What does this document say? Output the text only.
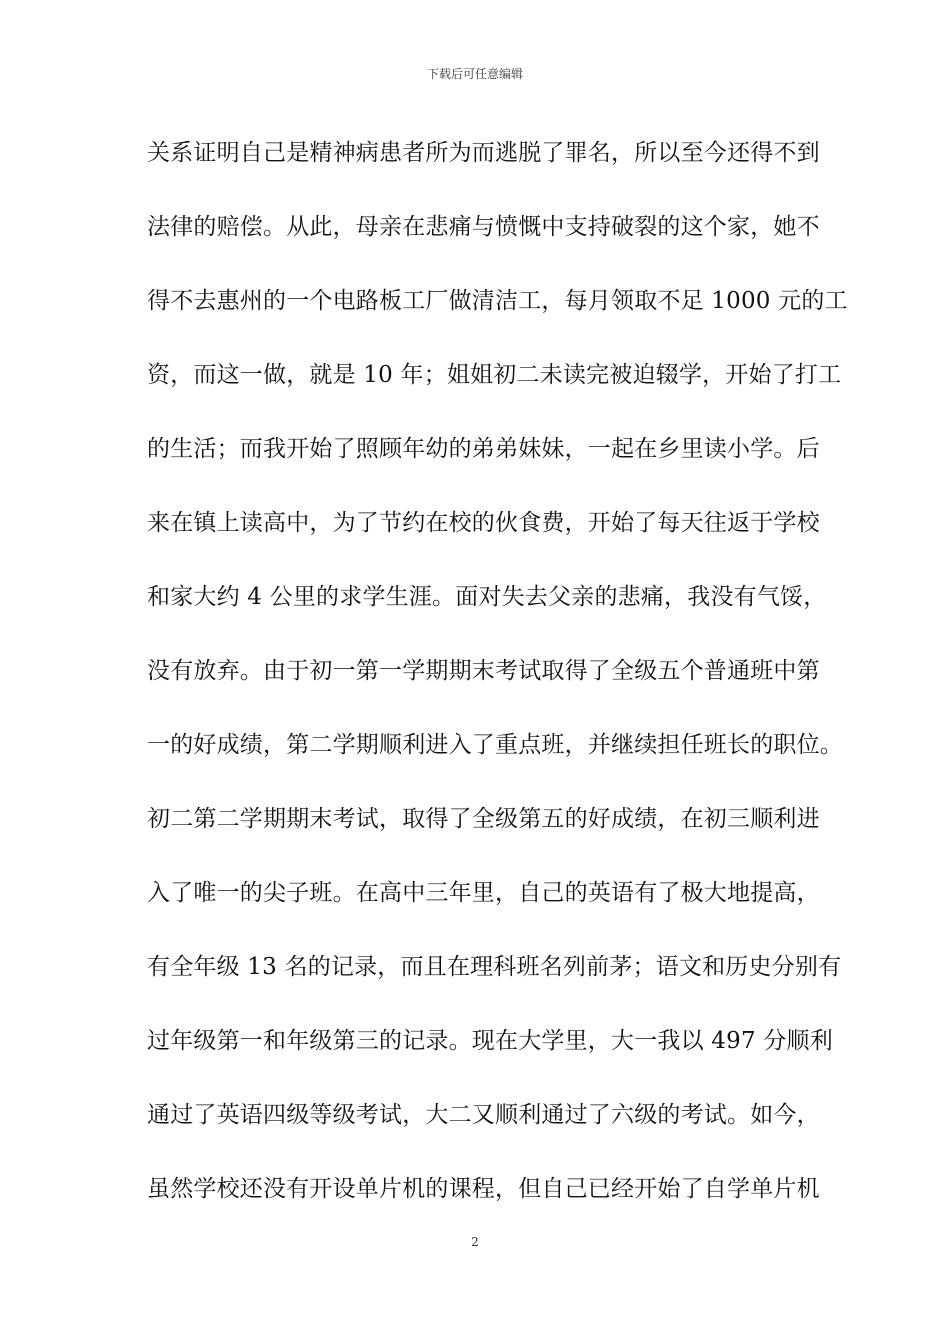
下载后可任意编辑
关系证明自己是精神病患者所为而逃脱了罪名，所以至今还得不到
法律的赔偿。从此，母亲在悲痛与愤慨中支持破裂的这个家，她不
得不去惠州的一个电路板工厂做清洁工，每月领取不足 1000 元的工
资，而这一做，就是 10 年；姐姐初二未读完被迫辍学，开始了打工
的生活；而我开始了照顾年幼的弟弟妹妹，一起在乡里读小学。后
来在镇上读高中，为了节约在校的伙食费，开始了每天往返于学校
和家大约 4 公里的求学生涯。面对失去父亲的悲痛，我没有气馁，
没有放弃。由于初一第一学期期末考试取得了全级五个普通班中第
一的好成绩，第二学期顺利进入了重点班，并继续担任班长的职位。
初二第二学期期末考试，取得了全级第五的好成绩，在初三顺利进
入了唯一的尖子班。在高中三年里，自己的英语有了极大地提高，
有全年级 13 名的记录，而且在理科班名列前茅；语文和历史分别有
过年级第一和年级第三的记录。现在大学里，大一我以 497 分顺利
通过了英语四级等级考试，大二又顺利通过了六级的考试。如今，
虽然学校还没有开设单片机的课程，但自己已经开始了自学单片机
2
